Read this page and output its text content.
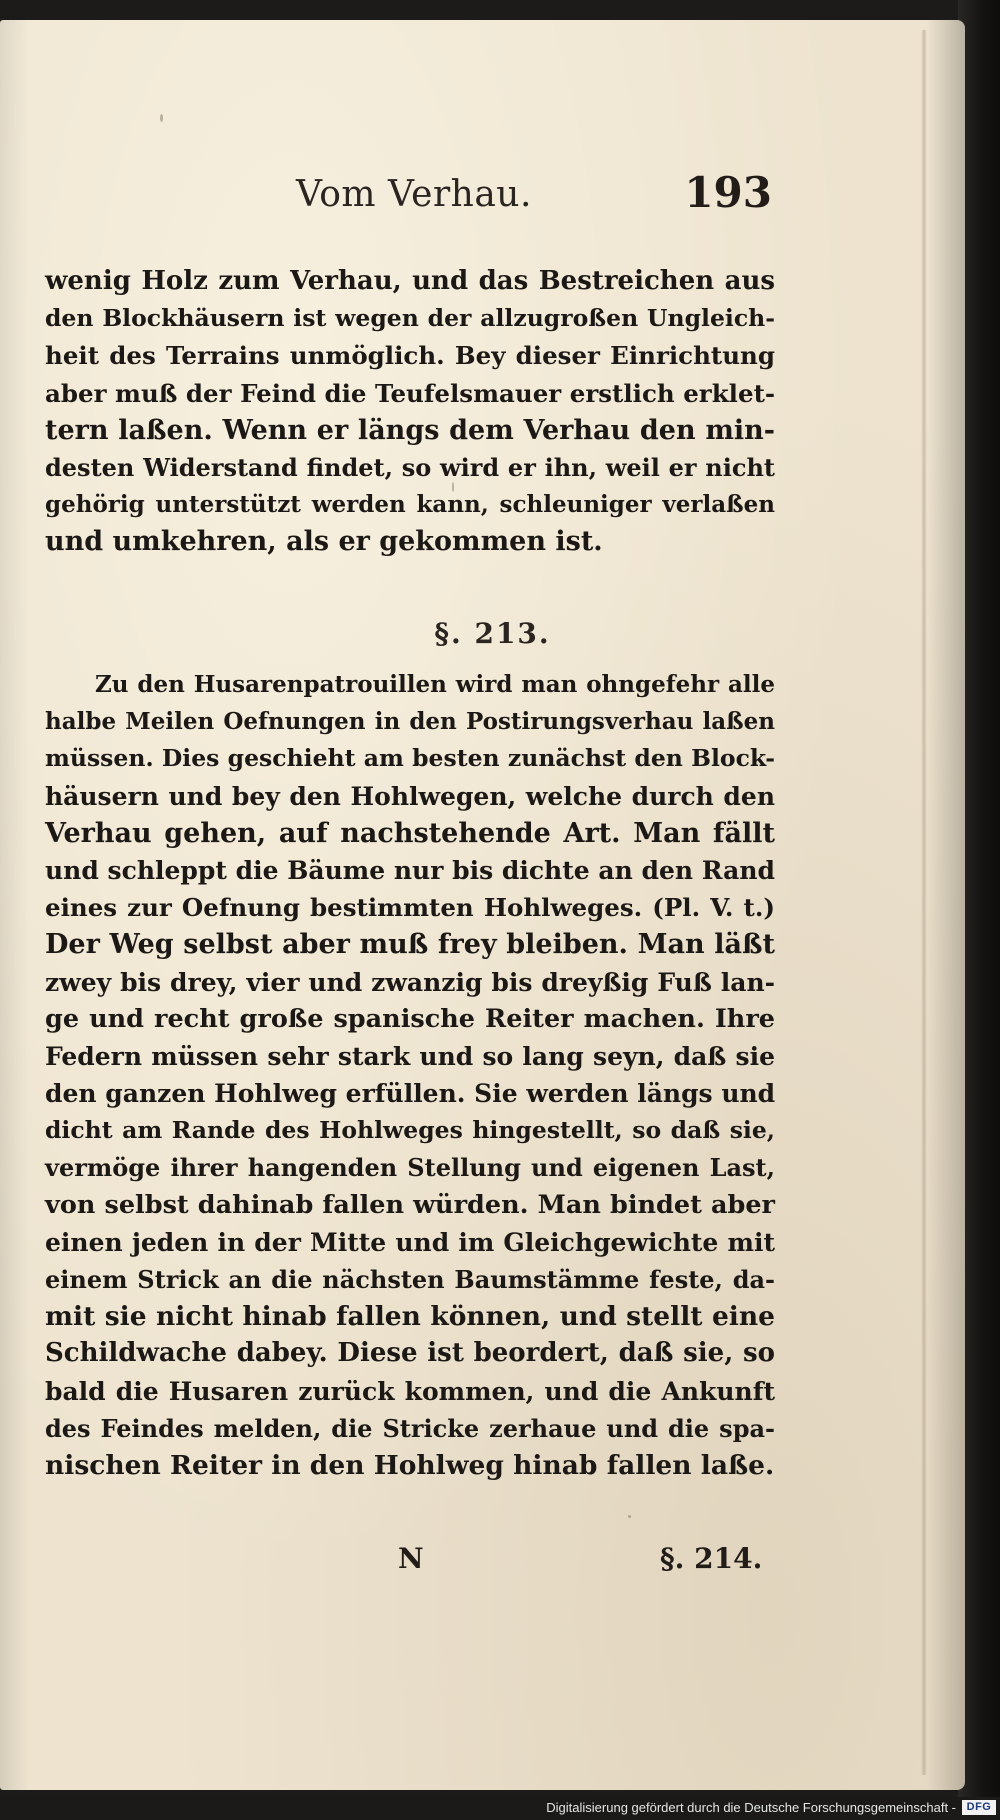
Vom Verhau.	193
wenig Holz zum Verhau, und das Bestreichen aus
den Blockhäusern ist wegen der allzugroßen Ungleich-
heit des Terrains unmöglich. Bey dieser Einrichtung
aber muß der Feind die Teufelsmauer erstlich erklet-
tern laßen. Wenn er längs dem Verhau den min-
desten Widerstand findet, so wird er ihn, weil er nicht
gehörig unterstützt werden kann, schleuniger verlaßen
und umkehren, als er gekommen ist.
§. 213.
Zu den Husarenpatrouillen wird man ohngefehr alle
halbe Meilen Oefnungen in den Postirungsverhau laßen
müssen. Dies geschieht am besten zunächst den Block-
häusern und bey den Hohlwegen, welche durch den
Verhau gehen, auf nachstehende Art. Man fällt
und schleppt die Bäume nur bis dichte an den Rand
eines zur Oefnung bestimmten Hohlweges. (Pl. V. t.)
Der Weg selbst aber muß frey bleiben. Man läßt
zwey bis drey, vier und zwanzig bis dreyßig Fuß lan-
ge und recht große spanische Reiter machen. Ihre
Federn müssen sehr stark und so lang seyn, daß sie
den ganzen Hohlweg erfüllen. Sie werden längs und
dicht am Rande des Hohlweges hingestellt, so daß sie,
vermöge ihrer hangenden Stellung und eigenen Last,
von selbst dahinab fallen würden. Man bindet aber
einen jeden in der Mitte und im Gleichgewichte mit
einem Strick an die nächsten Baumstämme feste, da-
mit sie nicht hinab fallen können, und stellt eine
Schildwache dabey. Diese ist beordert, daß sie, so
bald die Husaren zurück kommen, und die Ankunft
des Feindes melden, die Stricke zerhaue und die spa-
nischen Reiter in den Hohlweg hinab fallen laße.
N	§. 214.
Digitalisierung gefördert durch die Deutsche Forschungsgemeinschaft - DFG
